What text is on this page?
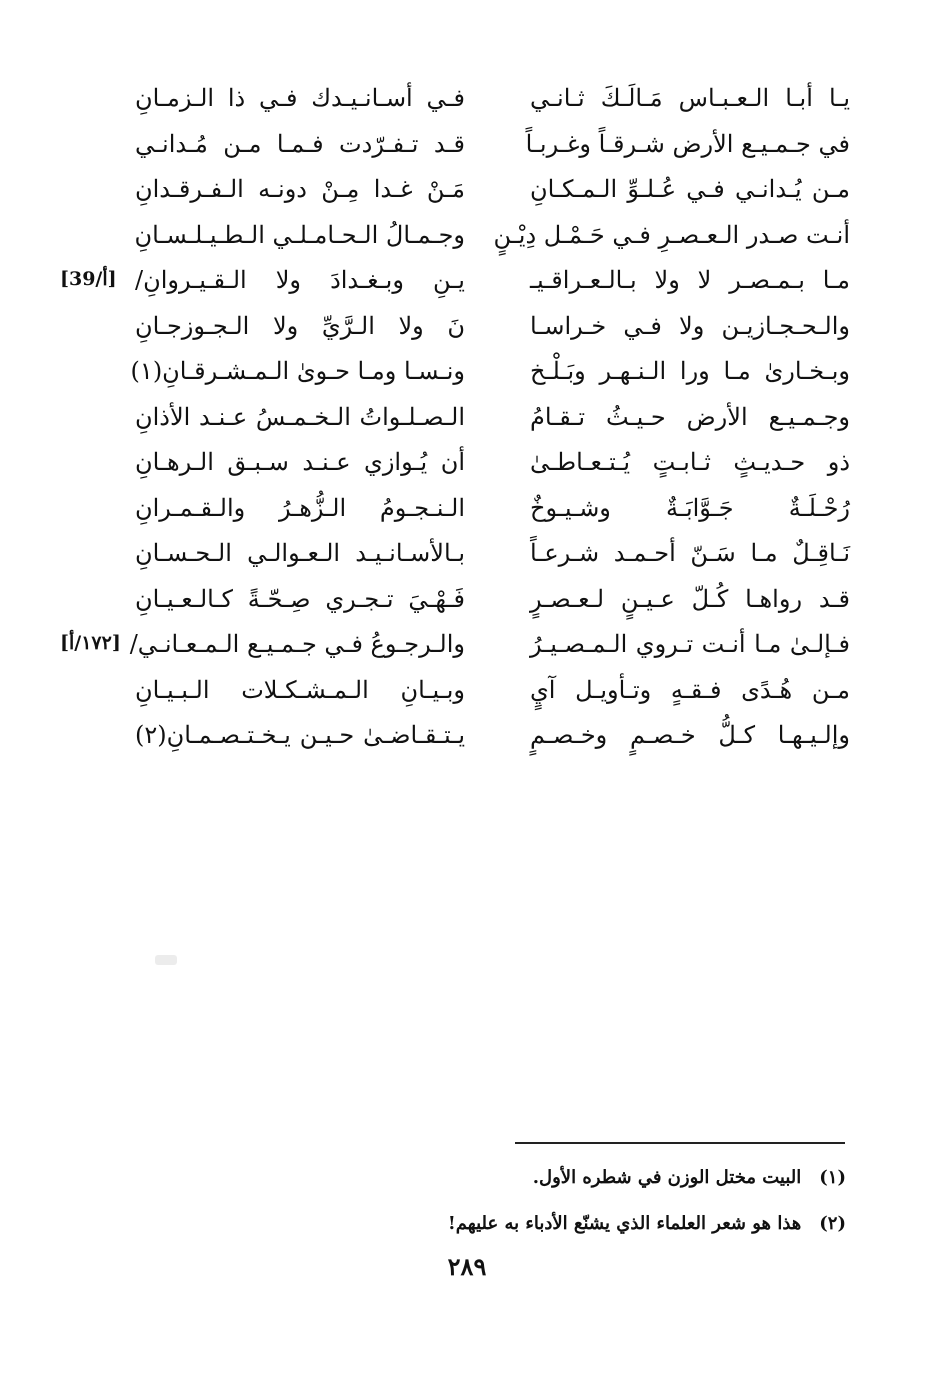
يـا أبـا الـعـبـاس مَـالَـكَ ثـانـي
فـي أسـانـيـدك فـي ذا الـزمـانِ
في جـمـيـع الأرض شـرقـاً وغـربـاً
قـد تـفـرّدت فـمـا مـن مُـدانـي
مـن يُـدانـي فـي عُـلـوِّ الـمـكـانِ
مَـنْ غـدا مِـنْ دونـه الـفـرقـدانِ
أنـت صـدر الـعـصـرِ فـي حَـمْـل دِيْـنٍ
وجـمـالُ الـحـامـلـي الـطـيـلـسـانِ
مـا بـمـصـر لا ولا بـالـعـراقـيـ
يـنِ وبـغـدادَ ولا الـقـيـروانِ/
[39/أ]
والـحـجـازيـن ولا فـي خـراسـا
نَ ولا الـرَّيِّ ولا الـجـوزجـانِ
وبـخـارىٰ مـا ورا الـنـهـر وبَـلْـخ
ونـسـا ومـا حـوىٰ الـمـشـرقـانِ(١)
وجـمـيـع الأرض حـيـثُ تـقـامُ
الـصـلـواتُ الـخـمـسُ عـنـد الأذانِ
ذو حـديـثٍ ثـابـتٍ يُـتـعـاطـىٰ
أن يُـوازي عـنـد سـبـق الـرهـانِ
رُحْـلَـةٌ جَـوَّابَـةٌ وشـيـوخٌ
الـنـجـومُ الـزُّهـرُ والـقـمـرانِ
نَـاقِـلٌ مـا سَـنّ أحـمـد شـرعـاً
بـالأسـانـيـد الـعـوالـي الـحـسـانِ
قـد رواهـا كُـلّ عـيـنٍ لـعـصـرٍ
فَـهْـيَ تـجـري صِـحّـةً كـالـعـيـانِ
فـإلـىٰ مـا أنـت تـروي الـمـصـيـرُ
والـرجـوعُ فـي جـمـيـع الـمـعـانـي/
[١٧٢/أ]
مـن هُـدًى فـقـهٍ وتـأويـل آيٍ
وبـيـانِ الـمـشـكـلات الـبـيـانِ
وإلـيـهـا كـلُّ خـصـمٍ وخـصـمٍ
يـتـقـاضـىٰ حـيـن يـخـتـصـمـانِ(٢)
(١)البيت مختل الوزن في شطره الأول.
(٢)هذا هو شعر العلماء الذي يشنّع الأدباء به عليهم!
٢٨٩
